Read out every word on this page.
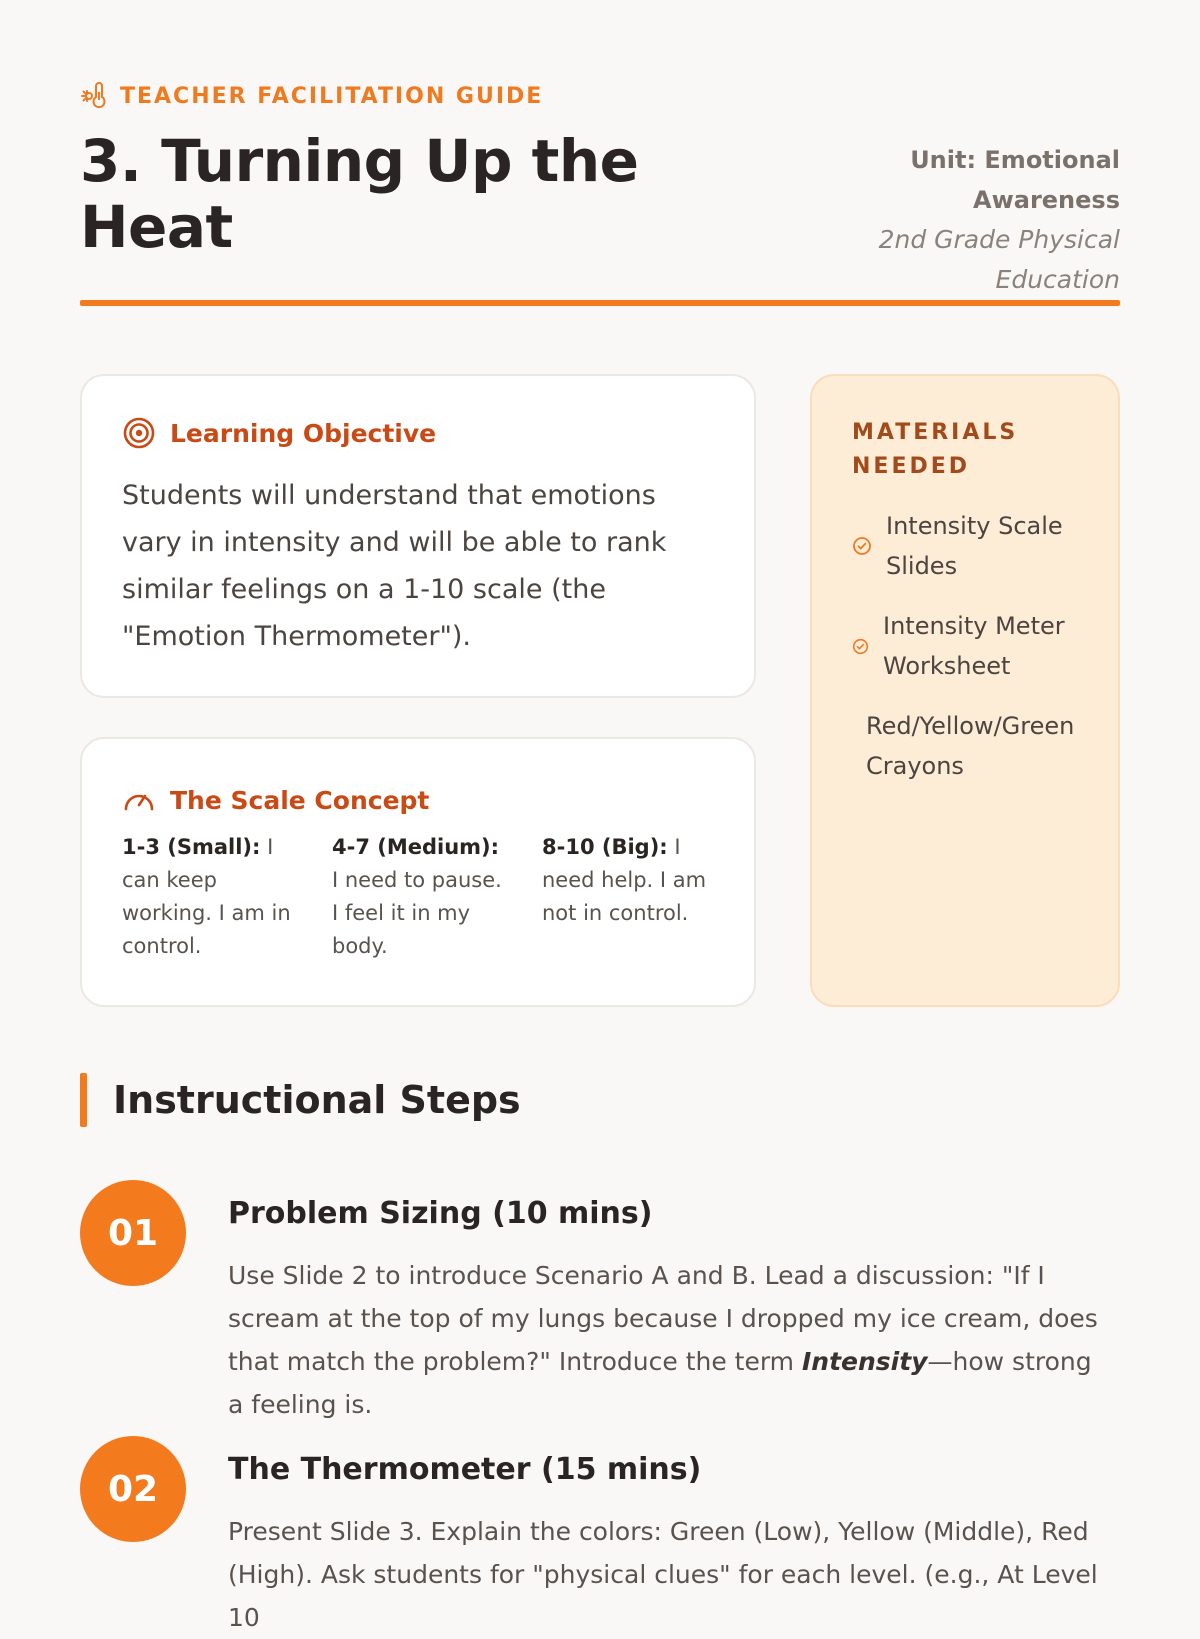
TEACHER FACILITATION GUIDE
3. Turning Up the Heat
Unit: Emotional Awareness
2nd Grade Physical Education
Learning Objective

Students will understand that emotions vary in intensity and will be able to rank similar feelings on a 1-10 scale (the "Emotion Thermometer").

The Scale Concept
1-3 (Small): I can keep working. I am in control.
4-7 (Medium): I need to pause. I feel it in my body.
8-10 (Big): I need help. I am not in control.
MATERIALS NEEDED
Intensity Scale Slides
Intensity Meter Worksheet
Red/Yellow/Green Crayons
Instructional Steps
01	Problem Sizing (10 mins)

Use Slide 2 to introduce Scenario A and B. Lead a discussion: "If I scream at the top of my lungs because I dropped my ice cream, does that match the problem?" Introduce the term Intensity—how strong a feeling is.

02	The Thermometer (15 mins)

Present Slide 3. Explain the colors: Green (Low), Yellow (Middle), Red (High). Ask students for "physical clues" for each level. (e.g., At Level 10
